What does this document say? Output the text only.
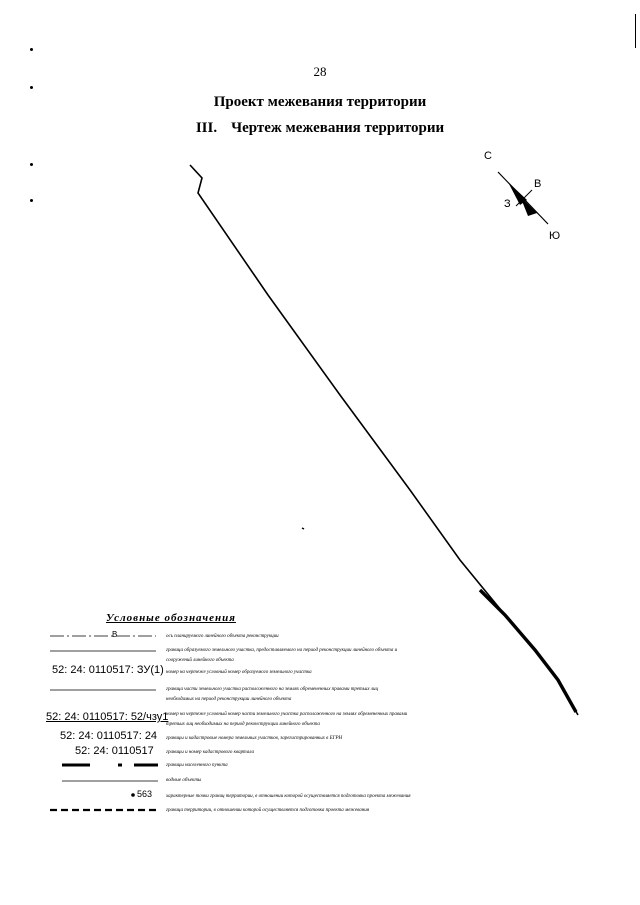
28
Проект межевания территории
III. Чертеж межевания территории
С
В
З
Ю
Условные обозначения
В	ось планируемого линейного объекта реконструкции
граница образуемого земельного участка, предоставляемого на период реконструкции линейного объекта и
сооружений линейного объекта
52: 24: 0110517: ЗУ(1) номер на чертеже условный номер образуемого земельного участка
граница части земельного участка расположенного на землях обремененных правами третьих лиц
необходимых на период реконструкции линейного объекта
52: 24: 0110517: 52/чзу1
номер на чертеже условный номер части земельного участка расположенного на землях обремененных правами
третьих лиц необходимых на период реконструкции линейного объекта
52: 24: 0110517: 24 границы и кадастровые номера земельных участков, зарегистрированных в ЕГРН
52: 24: 0110517 границы и номер кадастрового квартала
границы населенного пункта
водные объекты
563	характерные точки границ территории, в отношении которой осуществляется подготовка проекта межевания
граница территории, в отношении которой осуществляется подготовка проекта межевания
